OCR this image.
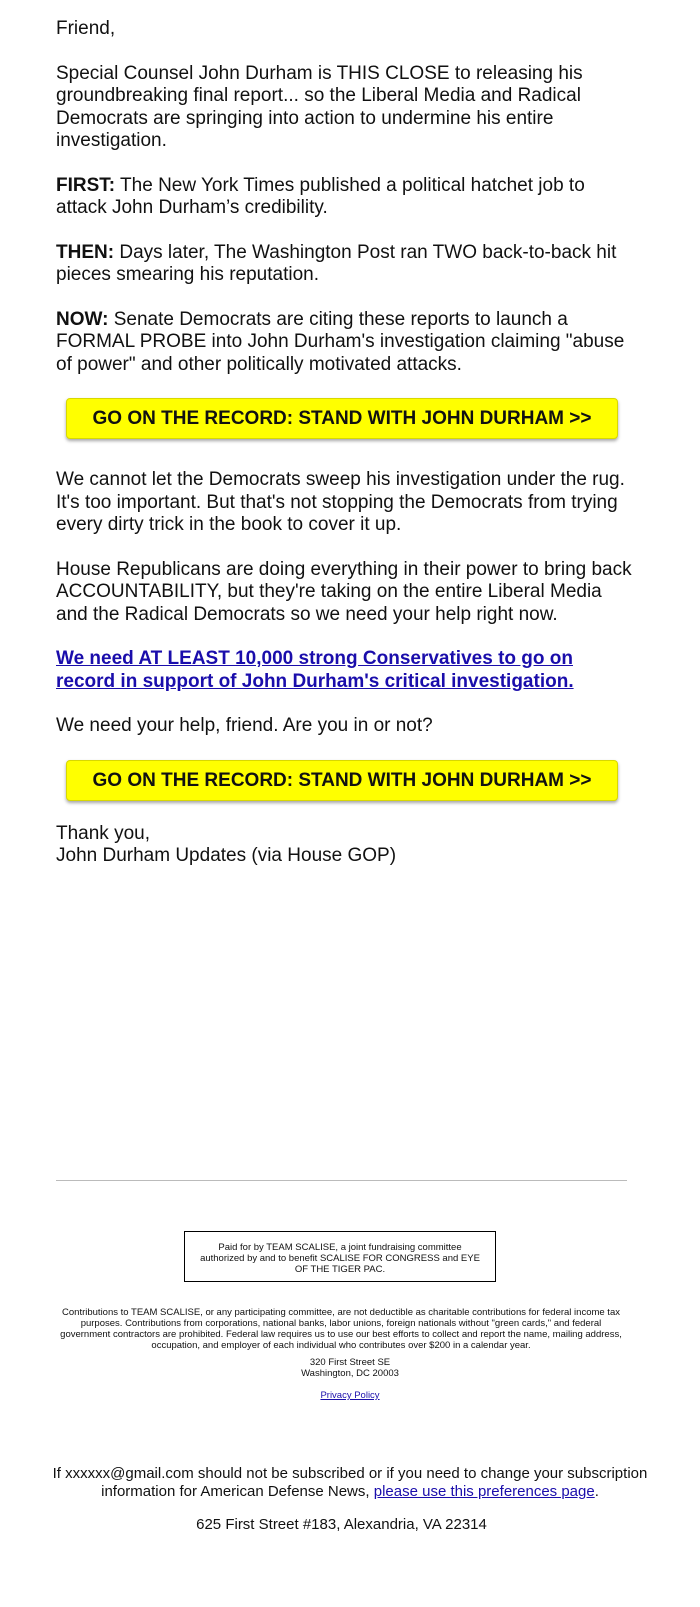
Friend,

Special Counsel John Durham is THIS CLOSE to releasing his groundbreaking final report... so the Liberal Media and Radical Democrats are springing into action to undermine his entire investigation.

FIRST: The New York Times published a political hatchet job to attack John Durham’s credibility.

THEN: Days later, The Washington Post ran TWO back-to-back hit pieces smearing his reputation.

NOW: Senate Democrats are citing these reports to launch a FORMAL PROBE into John Durham's investigation claiming "abuse of power" and other politically motivated attacks.

GO ON THE RECORD: STAND WITH JOHN DURHAM >>

We cannot let the Democrats sweep his investigation under the rug. It's too important. But that's not stopping the Democrats from trying every dirty trick in the book to cover it up.

House Republicans are doing everything in their power to bring back ACCOUNTABILITY, but they're taking on the entire Liberal Media and the Radical Democrats so we need your help right now.

We need AT LEAST 10,000 strong Conservatives to go on record in support of John Durham's critical investigation.

We need your help, friend. Are you in or not?

GO ON THE RECORD: STAND WITH JOHN DURHAM >>

Thank you,

John Durham Updates (via House GOP)

Paid for by TEAM SCALISE, a joint fundraising committee authorized by and to benefit SCALISE FOR CONGRESS and EYE OF THE TIGER PAC.
Contributions to TEAM SCALISE, or any participating committee, are not deductible as charitable contributions for federal income tax purposes. Contributions from corporations, national banks, labor unions, foreign nationals without "green cards," and federal government contractors are prohibited. Federal law requires us to use our best efforts to collect and report the name, mailing address, occupation, and employer of each individual who contributes over $200 in a calendar year.
320 First Street SE
Washington, DC 20003
Privacy Policy
If xxxxxx@gmail.com should not be subscribed or if you need to change your subscription information for American Defense News, please use this preferences page.
625 First Street #183, Alexandria, VA 22314
